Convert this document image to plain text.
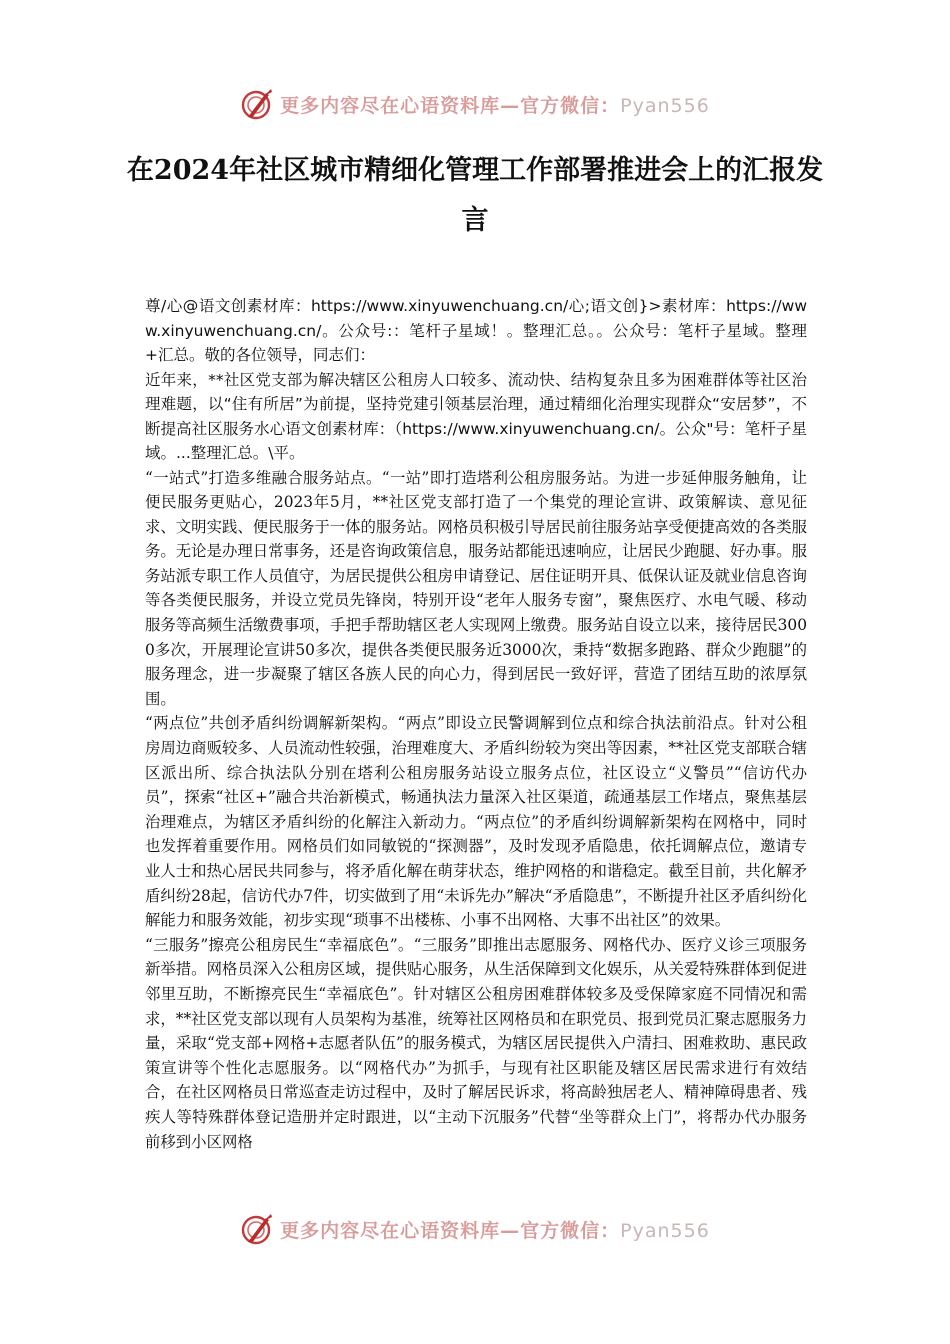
更多内容尽在心语资料库—官方微信：Pyan556
在2024年社区城市精细化管理工作部署推进会上的汇报发言

尊/心@语文创素材库：https://www.xinyuwenchuang.cn/心;语文创}>素材库：https://www.xinyuwenchuang.cn/。公众号:：笔杆子星域！。整理汇总。。公众号：笔杆子星域。整理+汇总。敬的各位领导，同志们：

近年来，**社区党支部为解决辖区公租房人口较多、流动快、结构复杂且多为困难群体等社区治理难题，以“住有所居”为前提，坚持党建引领基层治理，通过精细化治理实现群众“安居梦”，不断提高社区服务水心语文创素材库：（https://www.xinyuwenchuang.cn/。公众"号：笔杆子星域。...整理汇总。\平。

“一站式”打造多维融合服务站点。“一站”即打造塔利公租房服务站。为进一步延伸服务触角，让便民服务更贴心，2023年5月，**社区党支部打造了一个集党的理论宣讲、政策解读、意见征求、文明实践、便民服务于一体的服务站。网格员积极引导居民前往服务站享受便捷高效的各类服务。无论是办理日常事务，还是咨询政策信息，服务站都能迅速响应，让居民少跑腿、好办事。服务站派专职工作人员值守，为居民提供公租房申请登记、居住证明开具、低保认证及就业信息咨询等各类便民服务，并设立党员先锋岗，特别开设“老年人服务专窗”，聚焦医疗、水电气暖、移动服务等高频生活缴费事项，手把手帮助辖区老人实现网上缴费。服务站自设立以来，接待居民3000多次，开展理论宣讲50多次，提供各类便民服务近3000次，秉持“数据多跑路、群众少跑腿”的服务理念，进一步凝聚了辖区各族人民的向心力，得到居民一致好评，营造了团结互助的浓厚氛围。

“两点位”共创矛盾纠纷调解新架构。“两点”即设立民警调解到位点和综合执法前沿点。针对公租房周边商贩较多、人员流动性较强，治理难度大、矛盾纠纷较为突出等因素，**社区党支部联合辖区派出所、综合执法队分别在塔利公租房服务站设立服务点位，社区设立“义警员”“信访代办员”，探索“社区+”融合共治新模式，畅通执法力量深入社区渠道，疏通基层工作堵点，聚焦基层治理难点，为辖区矛盾纠纷的化解注入新动力。“两点位”的矛盾纠纷调解新架构在网格中，同时也发挥着重要作用。网格员们如同敏锐的“探测器”，及时发现矛盾隐患，依托调解点位，邀请专业人士和热心居民共同参与，将矛盾化解在萌芽状态，维护网格的和谐稳定。截至目前，共化解矛盾纠纷28起，信访代办7件，切实做到了用“未诉先办”解决“矛盾隐患”，不断提升社区矛盾纠纷化解能力和服务效能，初步实现“琐事不出楼栋、小事不出网格、大事不出社区”的效果。

“三服务”擦亮公租房民生“幸福底色”。“三服务”即推出志愿服务、网格代办、医疗义诊三项服务新举措。网格员深入公租房区域，提供贴心服务，从生活保障到文化娱乐，从关爱特殊群体到促进邻里互助，不断擦亮民生“幸福底色”。针对辖区公租房困难群体较多及受保障家庭不同情况和需求，**社区党支部以现有人员架构为基准，统筹社区网格员和在职党员、报到党员汇聚志愿服务力量，采取“党支部+网格+志愿者队伍”的服务模式，为辖区居民提供入户清扫、困难救助、惠民政策宣讲等个性化志愿服务。以“网格代办”为抓手，与现有社区职能及辖区居民需求进行有效结合，在社区网格员日常巡查走访过程中，及时了解居民诉求，将高龄独居老人、精神障碍患者、残疾人等特殊群体登记造册并定时跟进，以“主动下沉服务”代替“坐等群众上门”，将帮办代办服务前移到小区网格

更多内容尽在心语资料库—官方微信：Pyan556
